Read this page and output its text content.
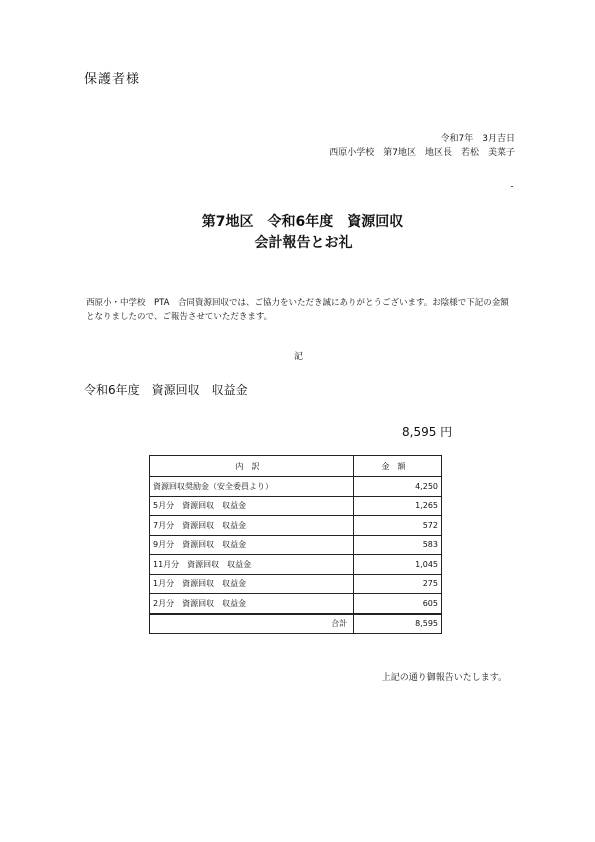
保護者様
令和7年　3月吉日
西原小学校　第7地区　地区長　若松　美菜子
第7地区　令和6年度　資源回収
会計報告とお礼
西原小・中学校　PTA　合同資源回収では、ご協力をいただき誠にありがとうございます。お陰様で下記の金額となりましたので、ご報告させていただきます。
記
令和6年度　資源回収　収益金
8,595 円
内訳	金額
資源回収奨励金（安全委員より）	4,250
5月分　資源回収　収益金	1,265
7月分　資源回収　収益金	572
9月分　資源回収　収益金	583
11月分　資源回収　収益金	1,045
1月分　資源回収　収益金	275
2月分　資源回収　収益金	605
合計	8,595
上記の通り御報告いたします。
